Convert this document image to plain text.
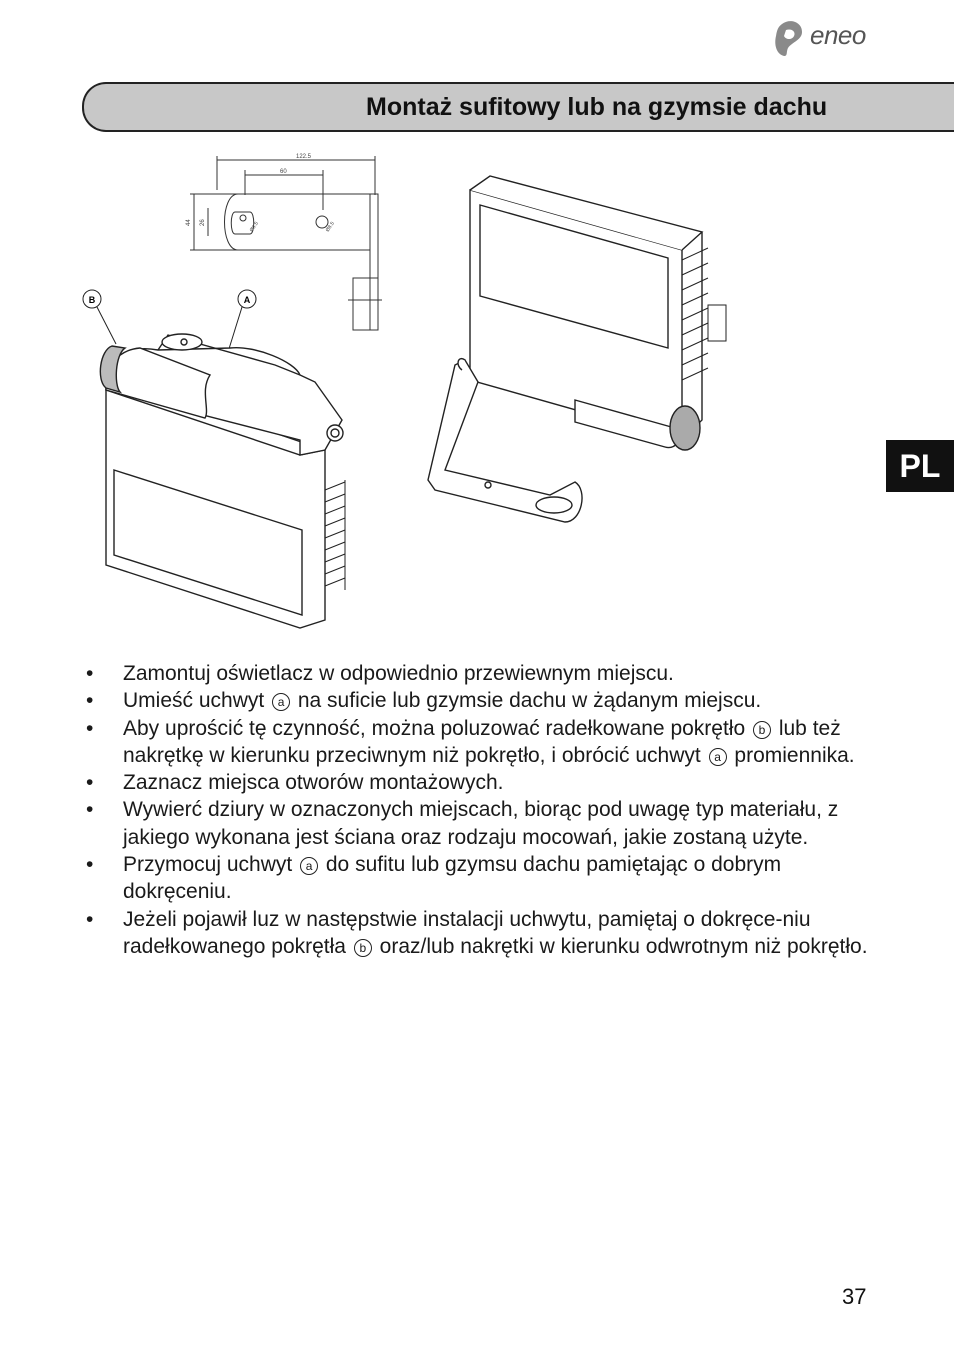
eneo
Montaż sufitowy lub na gzymsie dachu
PL
122.5
60
44 26	Ø8.5	Ø8.5
B	A
• Zamontuj oświetlacz w odpowiednio przewiewnym miejscu.
• Umieść uchwyt a na suficie lub gzymsie dachu w żądanym miejscu.
• Aby uprościć tę czynność, można poluzować radełkowane pokrętło b lub też nakrętkę w kierunku przeciwnym niż pokrętło, i obrócić uchwyt a promiennika.
• Zaznacz miejsca otworów montażowych.
• Wywierć dziury w oznaczonych miejscach, biorąc pod uwagę typ materiału, z jakiego wykonana jest ściana oraz rodzaju mocowań, jakie zostaną użyte.
• Przymocuj uchwyt a do sufitu lub gzymsu dachu pamiętając o dobrym dokręceniu.
• Jeżeli pojawił luz w następstwie instalacji uchwytu, pamiętaj o dokręce-niu radełkowanego pokrętła b oraz/lub nakrętki w kierunku odwrotnym niż pokrętło.
37
